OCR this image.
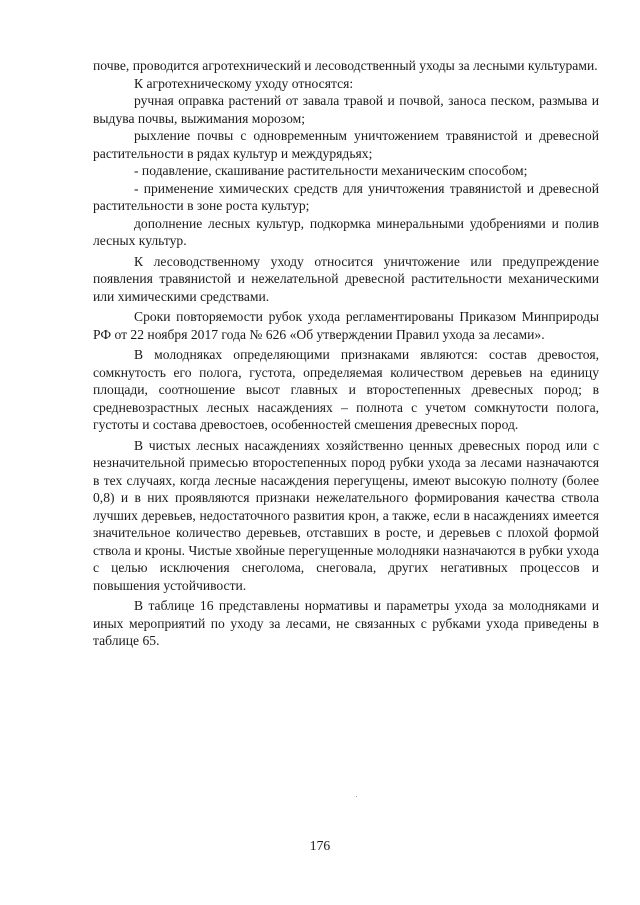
почве, проводится агротехнический и лесоводственный уходы за лесными культурами.

К агротехническому уходу относятся:

ручная оправка растений от завала травой и почвой, заноса песком, размыва и выдува почвы, выжимания морозом;

рыхление почвы с одновременным уничтожением травянистой и древесной растительности в рядах культур и междурядьях;

- подавление, скашивание растительности механическим способом;

- применение химических средств для уничтожения травянистой и древесной растительности в зоне роста культур;

дополнение лесных культур, подкормка минеральными удобрениями и полив лесных культур.

К лесоводственному уходу относится уничтожение или предупреждение появления травянистой и нежелательной древесной растительности механическими или химическими средствами.

Сроки повторяемости рубок ухода регламентированы Приказом Минприроды РФ от 22 ноября 2017 года № 626 «Об утверждении Правил ухода за лесами».

В молодняках определяющими признаками являются: состав древостоя, сомкнутость его полога, густота, определяемая количеством деревьев на единицу площади, соотношение высот главных и второстепенных древесных пород; в средневозрастных лесных насаждениях – полнота с учетом сомкнутости полога, густоты и состава древостоев, особенностей смешения древесных пород.

В чистых лесных насаждениях хозяйственно ценных древесных пород или с незначительной примесью второстепенных пород рубки ухода за лесами назначаются в тех случаях, когда лесные насаждения перегущены, имеют высокую полноту (более 0,8) и в них проявляются признаки нежелательного формирования качества ствола лучших деревьев, недостаточного развития крон, а также, если в насаждениях имеется значительное количество деревьев, отставших в росте, и деревьев с плохой формой ствола и кроны. Чистые хвойные перегущенные молодняки назначаются в рубки ухода с целью исключения снеголома, снеговала, других негативных процессов и повышения устойчивости.

В таблице 16 представлены нормативы и параметры ухода за молодняками и иных мероприятий по уходу за лесами, не связанных с рубками ухода приведены в таблице 65.

176
